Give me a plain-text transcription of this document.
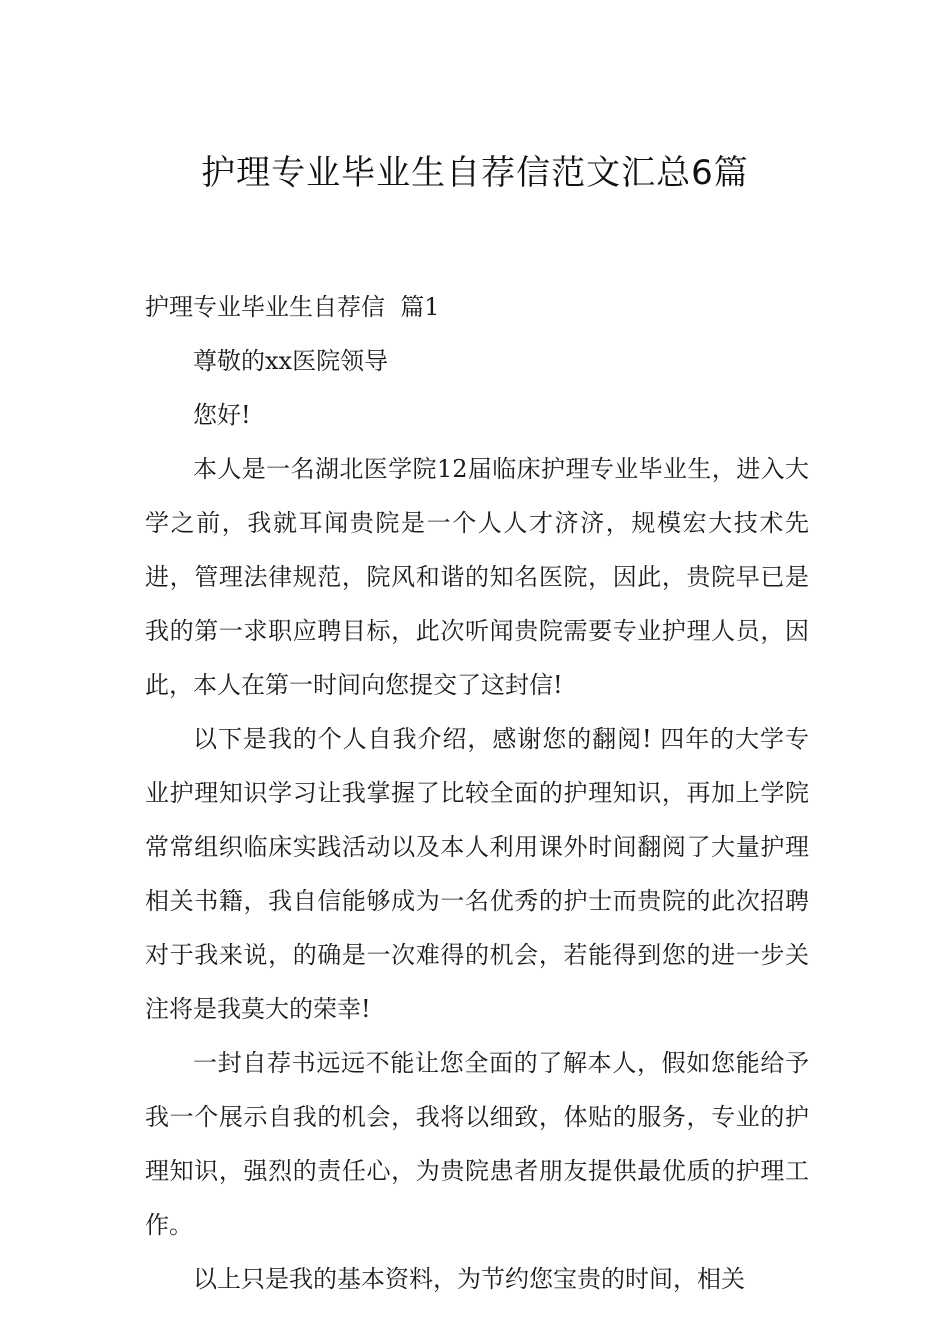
护理专业毕业生自荐信范文汇总6篇

护理专业毕业生自荐信  篇1

尊敬的xx医院领导

您好!

本人是一名湖北医学院12届临床护理专业毕业生，进入大学之前，我就耳闻贵院是一个人人才济济，规模宏大技术先进，管理法律规范，院风和谐的知名医院，因此，贵院早已是我的第一求职应聘目标，此次听闻贵院需要专业护理人员，因此，本人在第一时间向您提交了这封信!

以下是我的个人自我介绍，感谢您的翻阅! 四年的大学专业护理知识学习让我掌握了比较全面的护理知识，再加上学院常常组织临床实践活动以及本人利用课外时间翻阅了大量护理相关书籍，我自信能够成为一名优秀的护士而贵院的此次招聘对于我来说，的确是一次难得的机会，若能得到您的进一步关注将是我莫大的荣幸!

一封自荐书远远不能让您全面的了解本人，假如您能给予我一个展示自我的机会，我将以细致，体贴的服务，专业的护理知识，强烈的责任心，为贵院患者朋友提供最优质的护理工作。

以上只是我的基本资料，为节约您宝贵的时间，相关
